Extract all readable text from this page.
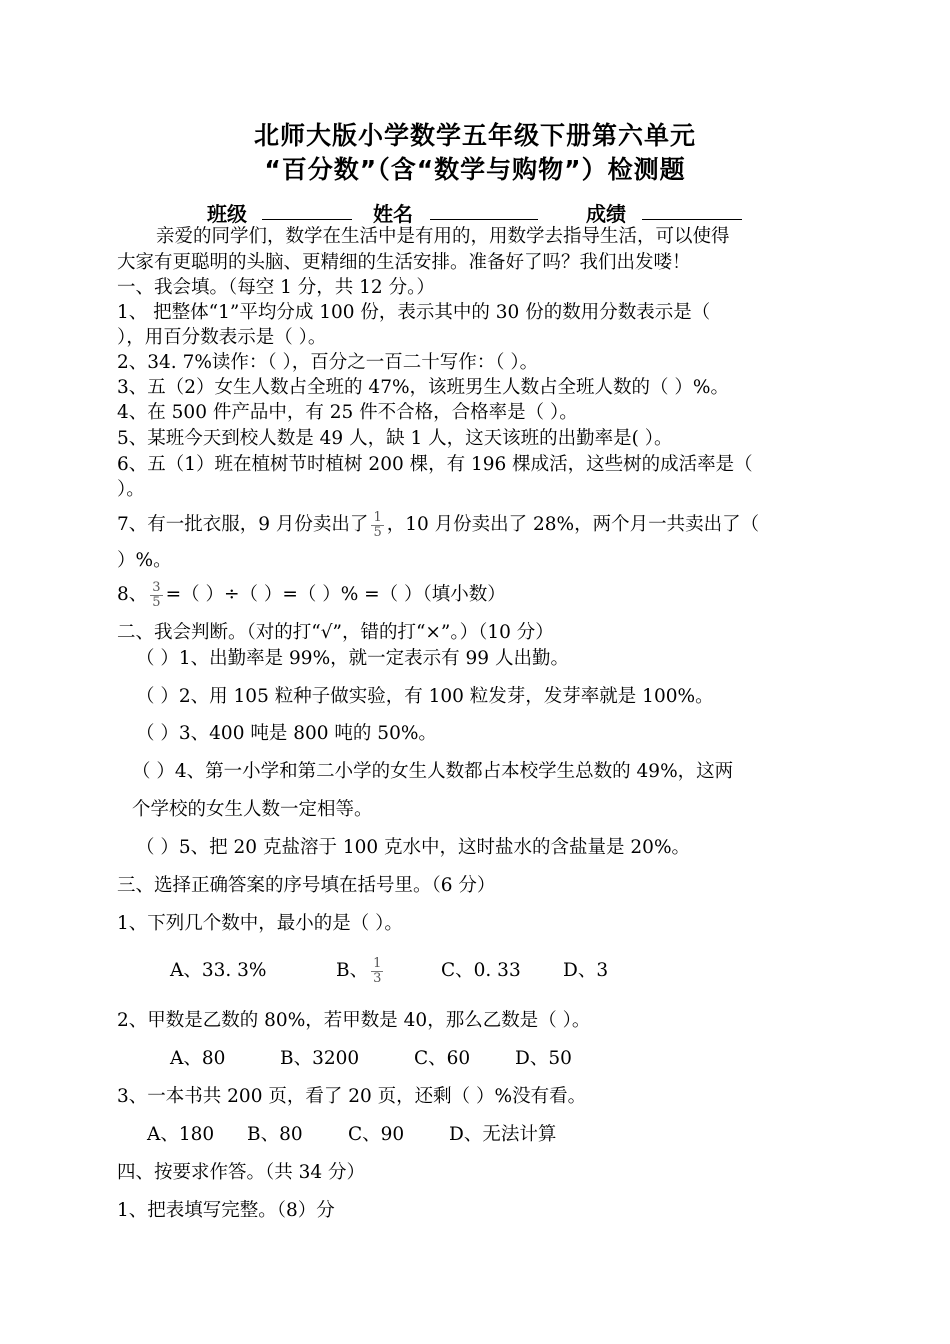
北师大版小学数学五年级下册第六单元
“百分数”（含“数学与购物”）检测题
班级	姓名	成绩
亲爱的同学们，数学在生活中是有用的，用数学去指导生活，可以使得
大家有更聪明的头脑、更精细的生活安排。准备好了吗？我们出发喽！
一、我会填。（每空 1 分，共 12 分。）
1、 把整体“1”平均分成 100 份，表示其中的 30 份的数用分数表示是（
），用百分数表示是（ ）。
2、34. 7%读作：（ ），百分之一百二十写作：（ ）。
3、五（2）女生人数占全班的 47%，该班男生人数占全班人数的（ ）%。
4、在 500 件产品中，有 25 件不合格，合格率是（ ）。
5、某班今天到校人数是 49 人，缺 1 人，这天该班的出勤率是( ）。
6、五（1）班在植树节时植树 200 棵，有 196 棵成活，这些树的成活率是（
）。
7、有一批衣服，9 月份卖出了 $\frac{1}{5}$ ，10 月份卖出了 28%，两个月一共卖出了（
）%。
8、 $\frac{3}{5}$ =（ ）÷（ ）=（ ）% =（ ）（填小数）
二、我会判断。（对的打“√”，错的打“×”。）（10 分）
（ ）1、出勤率是 99%，就一定表示有 99 人出勤。
（ ）2、用 105 粒种子做实验，有 100 粒发芽，发芽率就是 100%。
（ ）3、400 吨是 800 吨的 50%。
（ ）4、第一小学和第二小学的女生人数都占本校学生总数的 49%，这两
个学校的女生人数一定相等。
（ ）5、把 20 克盐溶于 100 克水中，这时盐水的含盐量是 20%。
三、选择正确答案的序号填在括号里。（6 分）
1、下列几个数中，最小的是（ ）。
A、33. 3%	B、 $\frac{1}{3}$	C、0. 33 D、3
2、甲数是乙数的 80%，若甲数是 40，那么乙数是（ ）。
A、80	B、3200	C、60 D、50
3、一本书共 200 页，看了 20 页，还剩（ ）%没有看。
A、180 B、80 C、90 D、无法计算
四、按要求作答。（共 34 分）
1、把表填写完整。（8）分
